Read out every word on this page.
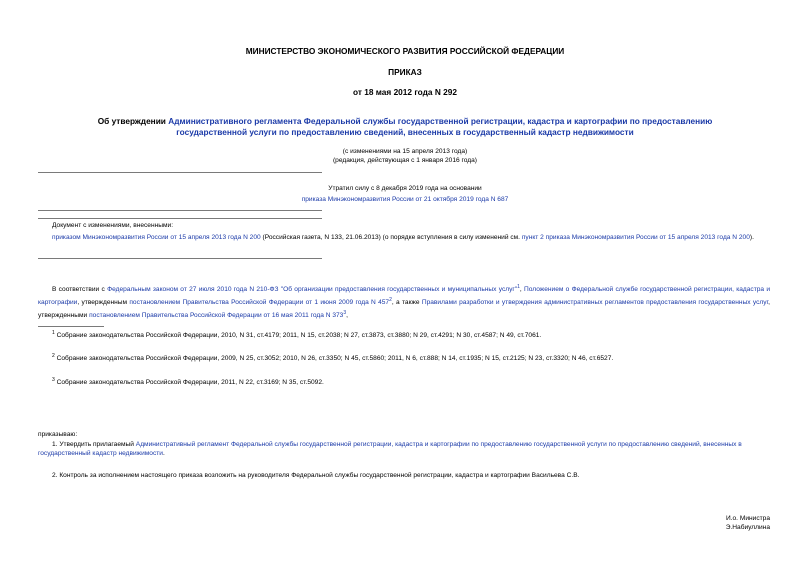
МИНИСТЕРСТВО ЭКОНОМИЧЕСКОГО РАЗВИТИЯ РОССИЙСКОЙ ФЕДЕРАЦИИ
ПРИКАЗ
от 18 мая 2012 года N 292
Об утверждении Административного регламента Федеральной службы государственной регистрации, кадастра и картографии по предоставлению государственной услуги по предоставлению сведений, внесенных в государственный кадастр недвижимости
(с изменениями на 15 апреля 2013 года)
(редакция, действующая с 1 января 2016 года)
Утратил силу с 8 декабря 2019 года на основании
приказа Минэкономразвития России от 21 октября 2019 года N 687
Документ с изменениями, внесенными:
приказом Минэкономразвития России от 15 апреля 2013 года N 200 (Российская газета, N 133, 21.06.2013) (о порядке вступления в силу изменений см. пункт 2 приказа Минэкономразвития России от 15 апреля 2013 года N 200).
В соответствии с Федеральным законом от 27 июля 2010 года N 210-ФЗ "Об организации предоставления государственных и муниципальных услуг"$^1$, Положением о Федеральной службе государственной регистрации, кадастра и картографии, утвержденным постановлением Правительства Российской Федерации от 1 июня 2009 года N $457^2$, а также Правилами разработки и утверждения административных регламентов предоставления государственных услуг, утвержденными постановлением Правительства Российской Федерации от 16 мая 2011 года N $373^3$,
$^1$ Собрание законодательства Российской Федерации, 2010, N 31, ст.4179; 2011, N 15, ст.2038; N 27, ст.3873, ст.3880; N 29, ст.4291; N 30, ст.4587; N 49, ст.7061.
$^2$ Собрание законодательства Российской Федерации, 2009, N 25, ст.3052; 2010, N 26, ст.3350; N 45, ст.5860; 2011, N 6, ст.888; N 14, ст.1935; N 15, ст.2125; N 23, ст.3320; N 46, ст.6527.
$^3$ Собрание законодательства Российской Федерации, 2011, N 22, ст.3169; N 35, ст.5092.
приказываю:
1. Утвердить прилагаемый Административный регламент Федеральной службы государственной регистрации, кадастра и картографии по предоставлению государственной услуги по предоставлению сведений, внесенных в государственный кадастр недвижимости.
2. Контроль за исполнением настоящего приказа возложить на руководителя Федеральной службы государственной регистрации, кадастра и картографии Васильева С.В.
И.о. Министра
Э.Набиуллина
